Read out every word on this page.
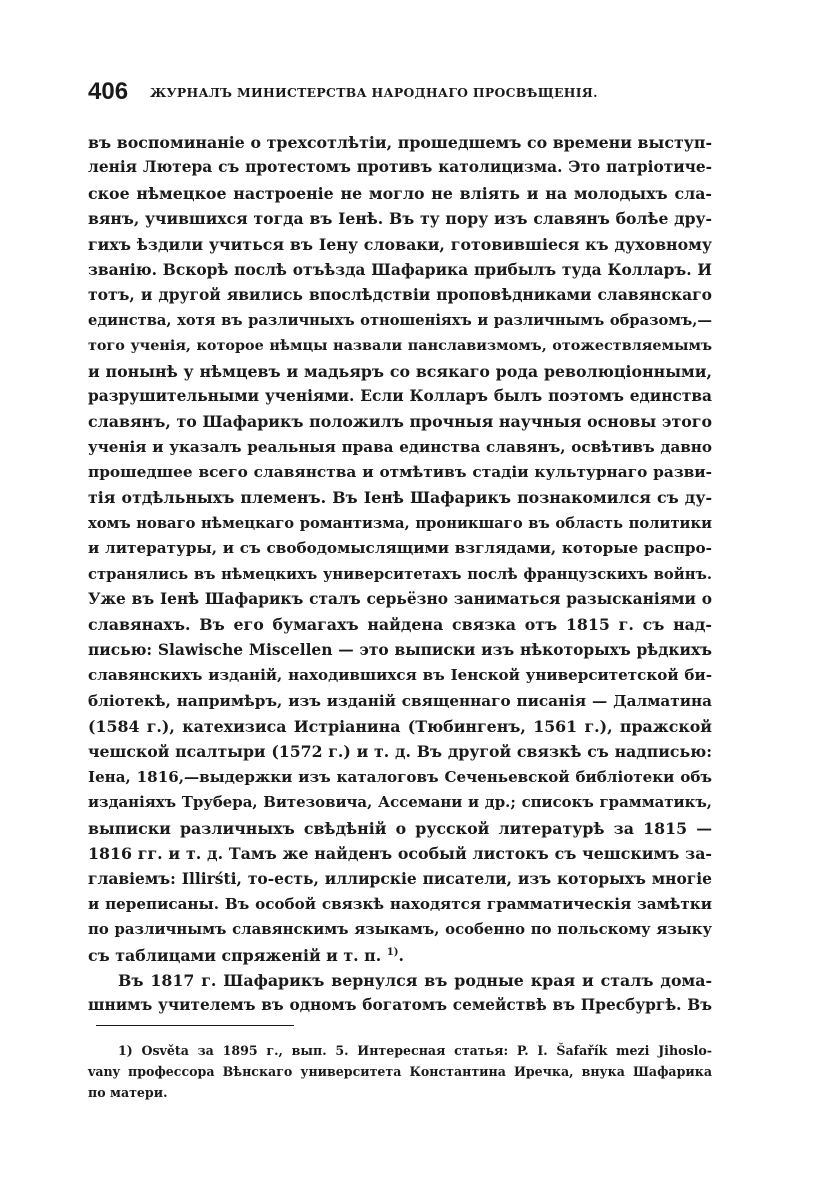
406 ЖУРНАЛЪ МИНИСТЕРСТВА НАРОДНАГО ПРОСВѢЩЕНІЯ.
въ воспоминаніе о трехсотлѣтіи, прошедшемъ со времени выступ-
ленія Лютера съ протестомъ противъ католицизма. Это патріотиче-
ское нѣмецкое настроеніе не могло не вліять и на молодыхъ сла-
вянъ, учившихся тогда въ Іенѣ. Въ ту пору изъ славянъ болѣе дру-
гихъ ѣздили учиться въ Іену словаки, готовившіеся къ духовному
званію. Вскорѣ послѣ отъѣзда Шафарика прибылъ туда Колларъ. И
тотъ, и другой явились впослѣдствіи проповѣдниками славянскаго
единства, хотя въ различныхъ отношеніяхъ и различнымъ образомъ,—
того ученія, которое нѣмцы назвали панславизмомъ, отожествляемымъ
и понынѣ у нѣмцевъ и мадьяръ со всякаго рода революціонными,
разрушительными ученіями. Если Колларъ былъ поэтомъ единства
славянъ, то Шафарикъ положилъ прочныя научныя основы этого
ученія и указалъ реальныя права единства славянъ, освѣтивъ давно
прошедшее всего славянства и отмѣтивъ стадіи культурнаго разви-
тія отдѣльныхъ племенъ. Въ Іенѣ Шафарикъ познакомился съ ду-
хомъ новаго нѣмецкаго романтизма, проникшаго въ область политики
и литературы, и съ свободомыслящими взглядами, которые распро-
странялись въ нѣмецкихъ университетахъ послѣ французскихъ войнъ.
Уже въ Іенѣ Шафарикъ сталъ серьёзно заниматься разысканіями о
славянахъ. Въ его бумагахъ найдена связка отъ 1815 г. съ над-
писью: Slawische Miscellen — это выписки изъ нѣкоторыхъ рѣдкихъ
славянскихъ изданій, находившихся въ Іенской университетской би-
бліотекѣ, напримѣръ, изъ изданій священнаго писанія — Далматина
(1584 г.), катехизиса Истріанина (Тюбингенъ, 1561 г.), пражской
чешской псалтыри (1572 г.) и т. д. Въ другой связкѣ съ надписью:
Іена, 1816,—выдержки изъ каталоговъ Сеченьевской библіотеки объ
изданіяхъ Трубера, Витезовича, Ассемани и др.; списокъ грамматикъ,
выписки различныхъ свѣдѣній о русской литературѣ за 1815 —
1816 гг. и т. д. Тамъ же найденъ особый листокъ съ чешскимъ за-
главіемъ: Illirśti, то-есть, иллирскіе писатели, изъ которыхъ многіе
и переписаны. Въ особой связкѣ находятся грамматическія замѣтки
по различнымъ славянскимъ языкамъ, особенно по польскому языку
съ таблицами спряженій и т. п. $^{1)}$.
Въ 1817 г. Шафарикъ вернулся въ родные края и сталъ дома-
шнимъ учителемъ въ одномъ богатомъ семействѣ въ Пресбургѣ. Въ
1) Osvěta за 1895 г., вып. 5. Интересная статья: P. I. Šafařík mezi Jihoslo-
vany профессора Вѣнскаго университета Константина Иречка, внука Шафарика
по матери.
